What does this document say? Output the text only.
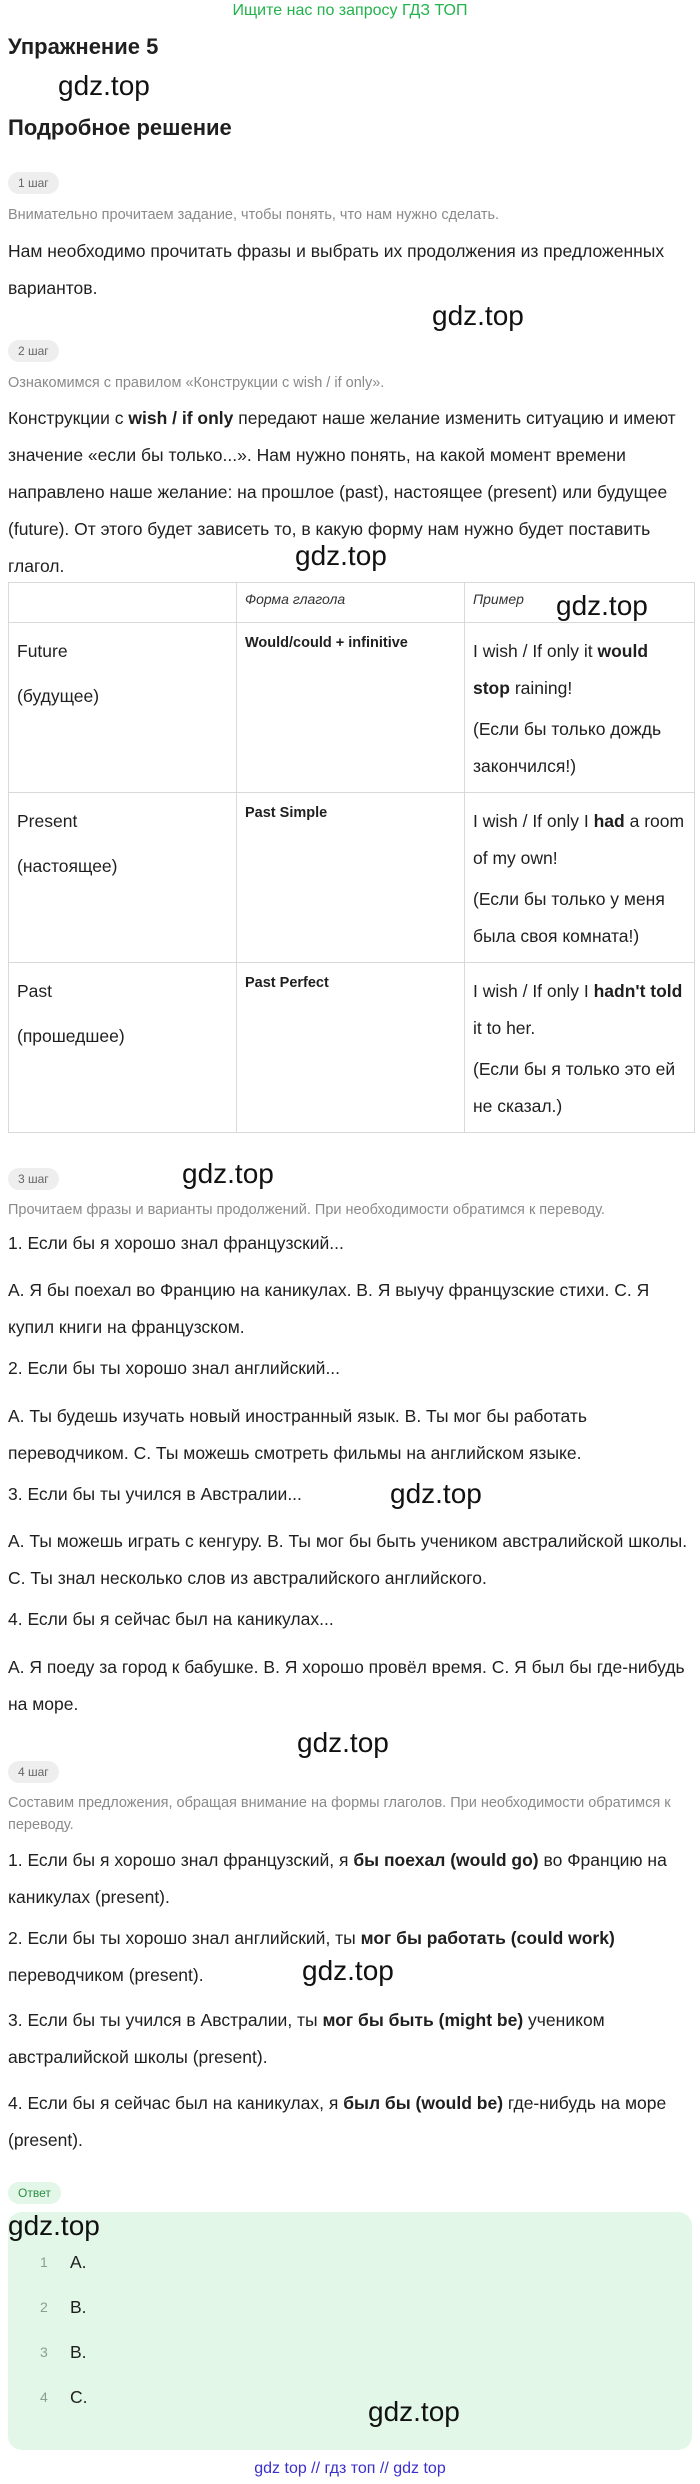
Ищите нас по запросу ГДЗ ТОП
Упражнение 5
gdz.top
Подробное решение
1 шаг

Внимательно прочитаем задание, чтобы понять, что нам нужно сделать.

Нам необходимо прочитать фразы и выбрать их продолжения из предложенных вариантов.

gdz.top
2 шаг

Ознакомимся с правилом «Конструкции с wish / if only».

Конструкции с wish / if only передают наше желание изменить ситуацию и имеют значение «если бы только...». Нам нужно понять, на какой момент времени направлено наше желание: на прошлое (past), настоящее (present) или будущее (future). От этого будет зависеть то, в какую форму нам нужно будет поставить глагол.	gdz.top
	Форма глагола	Пример

Future
(будущее)	Would/could + infinitive	I wish / If only it would stop raining!
(Если бы только дождь закончился!)

Present
(настоящее)	Past Simple	I wish / If only I had a room of my own!
(Если бы только у меня была своя комната!)

Past
(прошедшее)	Past Perfect	I wish / If only I hadn't told it to her.
(Если бы я только это ей не сказал.)
gdz.top
3 шаг	gdz.top

Прочитаем фразы и варианты продолжений. При необходимости обратимся к переводу.

1. Если бы я хорошо знал французский...

A. Я бы поехал во Францию на каникулах. B. Я выучу французские стихи. C. Я купил книги на французском.

2. Если бы ты хорошо знал английский...

A. Ты будешь изучать новый иностранный язык. B. Ты мог бы работать переводчиком. C. Ты можешь смотреть фильмы на английском языке.

3. Если бы ты учился в Австралии...	gdz.top

A. Ты можешь играть с кенгуру. B. Ты мог бы быть учеником австралийской школы. C. Ты знал несколько слов из австралийского английского.

4. Если бы я сейчас был на каникулах...

A. Я поеду за город к бабушке. B. Я хорошо провёл время. C. Я был бы где-нибудь на море.

gdz.top
4 шаг

Составим предложения, обращая внимание на формы глаголов. При необходимости обратимся к переводу.

1. Если бы я хорошо знал французский, я бы поехал (would go) во Францию на каникулах (present).

2. Если бы ты хорошо знал английский, ты мог бы работать (could work) переводчиком (present).	gdz.top

3. Если бы ты учился в Австралии, ты мог бы быть (might be) учеником австралийской школы (present).

4. Если бы я сейчас был на каникулах, я был бы (would be) где-нибудь на море (present).

Ответ
gdz.top
1 A.
2 B.
3 B.
4 C.	gdz.top
gdz top // гдз топ // gdz top
